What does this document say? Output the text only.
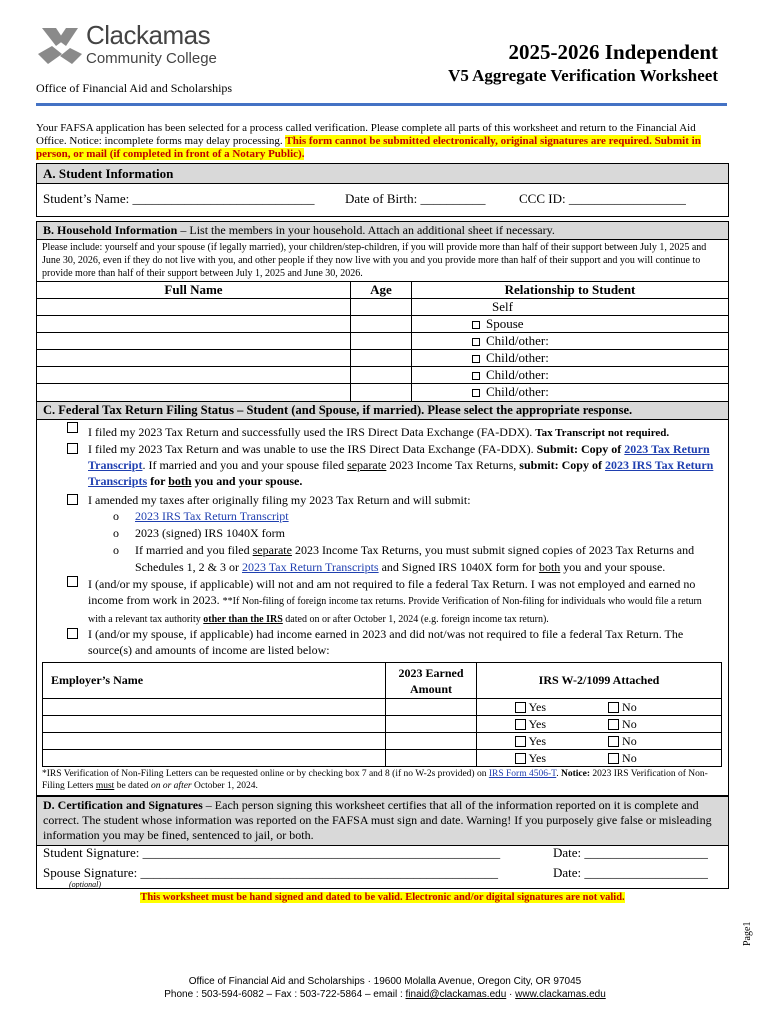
Clackamas
Community College
Office of Financial Aid and Scholarships
2025-2026 Independent
V5 Aggregate Verification Worksheet
Your FAFSA application has been selected for a process called verification. Please complete all parts of this worksheet and return to the Financial Aid Office. Notice: incomplete forms may delay processing. This form cannot be submitted electronically, original signatures are required. Submit in person, or mail (if completed in front of a Notary Public).
A. Student Information
Student’s Name: ____________________________ Date of Birth: __________	CCC ID: __________________
B. Household Information – List the members in your household. Attach an additional sheet if necessary.
Please include: yourself and your spouse (if legally married), your children/step-children, if you will provide more than half of their support between July 1, 2025 and June 30, 2026, even if they do not live with you, and other people if they now live with you and you provide more than half of their support and you will continue to provide more than half of their support between July 1, 2025 and June 30, 2026.
Full Name	Age	Relationship to Student
		Self
		Spouse
		Child/other:
		Child/other:
		Child/other:
		Child/other:
C. Federal Tax Return Filing Status – Student (and Spouse, if married). Please select the appropriate response.
I filed my 2023 Tax Return and successfully used the IRS Direct Data Exchange (FA-DDX). Tax Transcript not required.
I filed my 2023 Tax Return and was unable to use the IRS Direct Data Exchange (FA-DDX). Submit: Copy of 2023 Tax Return Transcript. If married and you and your spouse filed separate 2023 Income Tax Returns, submit: Copy of 2023 IRS Tax Return Transcripts for both you and your spouse.
I amended my taxes after originally filing my 2023 Tax Return and will submit:
o 2023 IRS Tax Return Transcript
o 2023 (signed) IRS 1040X form
o If married and you filed separate 2023 Income Tax Returns, you must submit signed copies of 2023 Tax Returns and Schedules 1, 2 & 3 or 2023 Tax Return Transcripts and Signed IRS 1040X form for both you and your spouse.
I (and/or my spouse, if applicable) will not and am not required to file a federal Tax Return. I was not employed and earned no income from work in 2023. **If Non-filing of foreign income tax returns. Provide Verification of Non-filing for individuals who would file a return with a relevant tax authority other than the IRS dated on or after October 1, 2024 (e.g. foreign income tax return).
I (and/or my spouse, if applicable) had income earned in 2023 and did not/was not required to file a federal Tax Return. The source(s) and amounts of income are listed below:
Employer’s Name	2023 Earned Amount	IRS W-2/1099 Attached
		Yes No
		Yes No
		Yes No
		Yes No
*IRS Verification of Non-Filing Letters can be requested online or by checking box 7 and 8 (if no W-2s provided) on IRS Form 4506-T. Notice: 2023 IRS Verification of Non-Filing Letters must be dated on or after October 1, 2024.
D. Certification and Signatures – Each person signing this worksheet certifies that all of the information reported on it is complete and correct. The student whose information was reported on the FAFSA must sign and date. Warning! If you purposely give false or misleading information you may be fined, sentenced to jail, or both.
Student Signature: _______________________________________________________	Date: ___________________
Spouse Signature: _______________________________________________________	Date: ___________________
(optional)
This worksheet must be hand signed and dated to be valid. Electronic and/or digital signatures are not valid.
Page1
Office of Financial Aid and Scholarships · 19600 Molalla Avenue, Oregon City, OR 97045
Phone : 503-594-6082 – Fax : 503-722-5864 – email : finaid@clackamas.edu · www.clackamas.edu
